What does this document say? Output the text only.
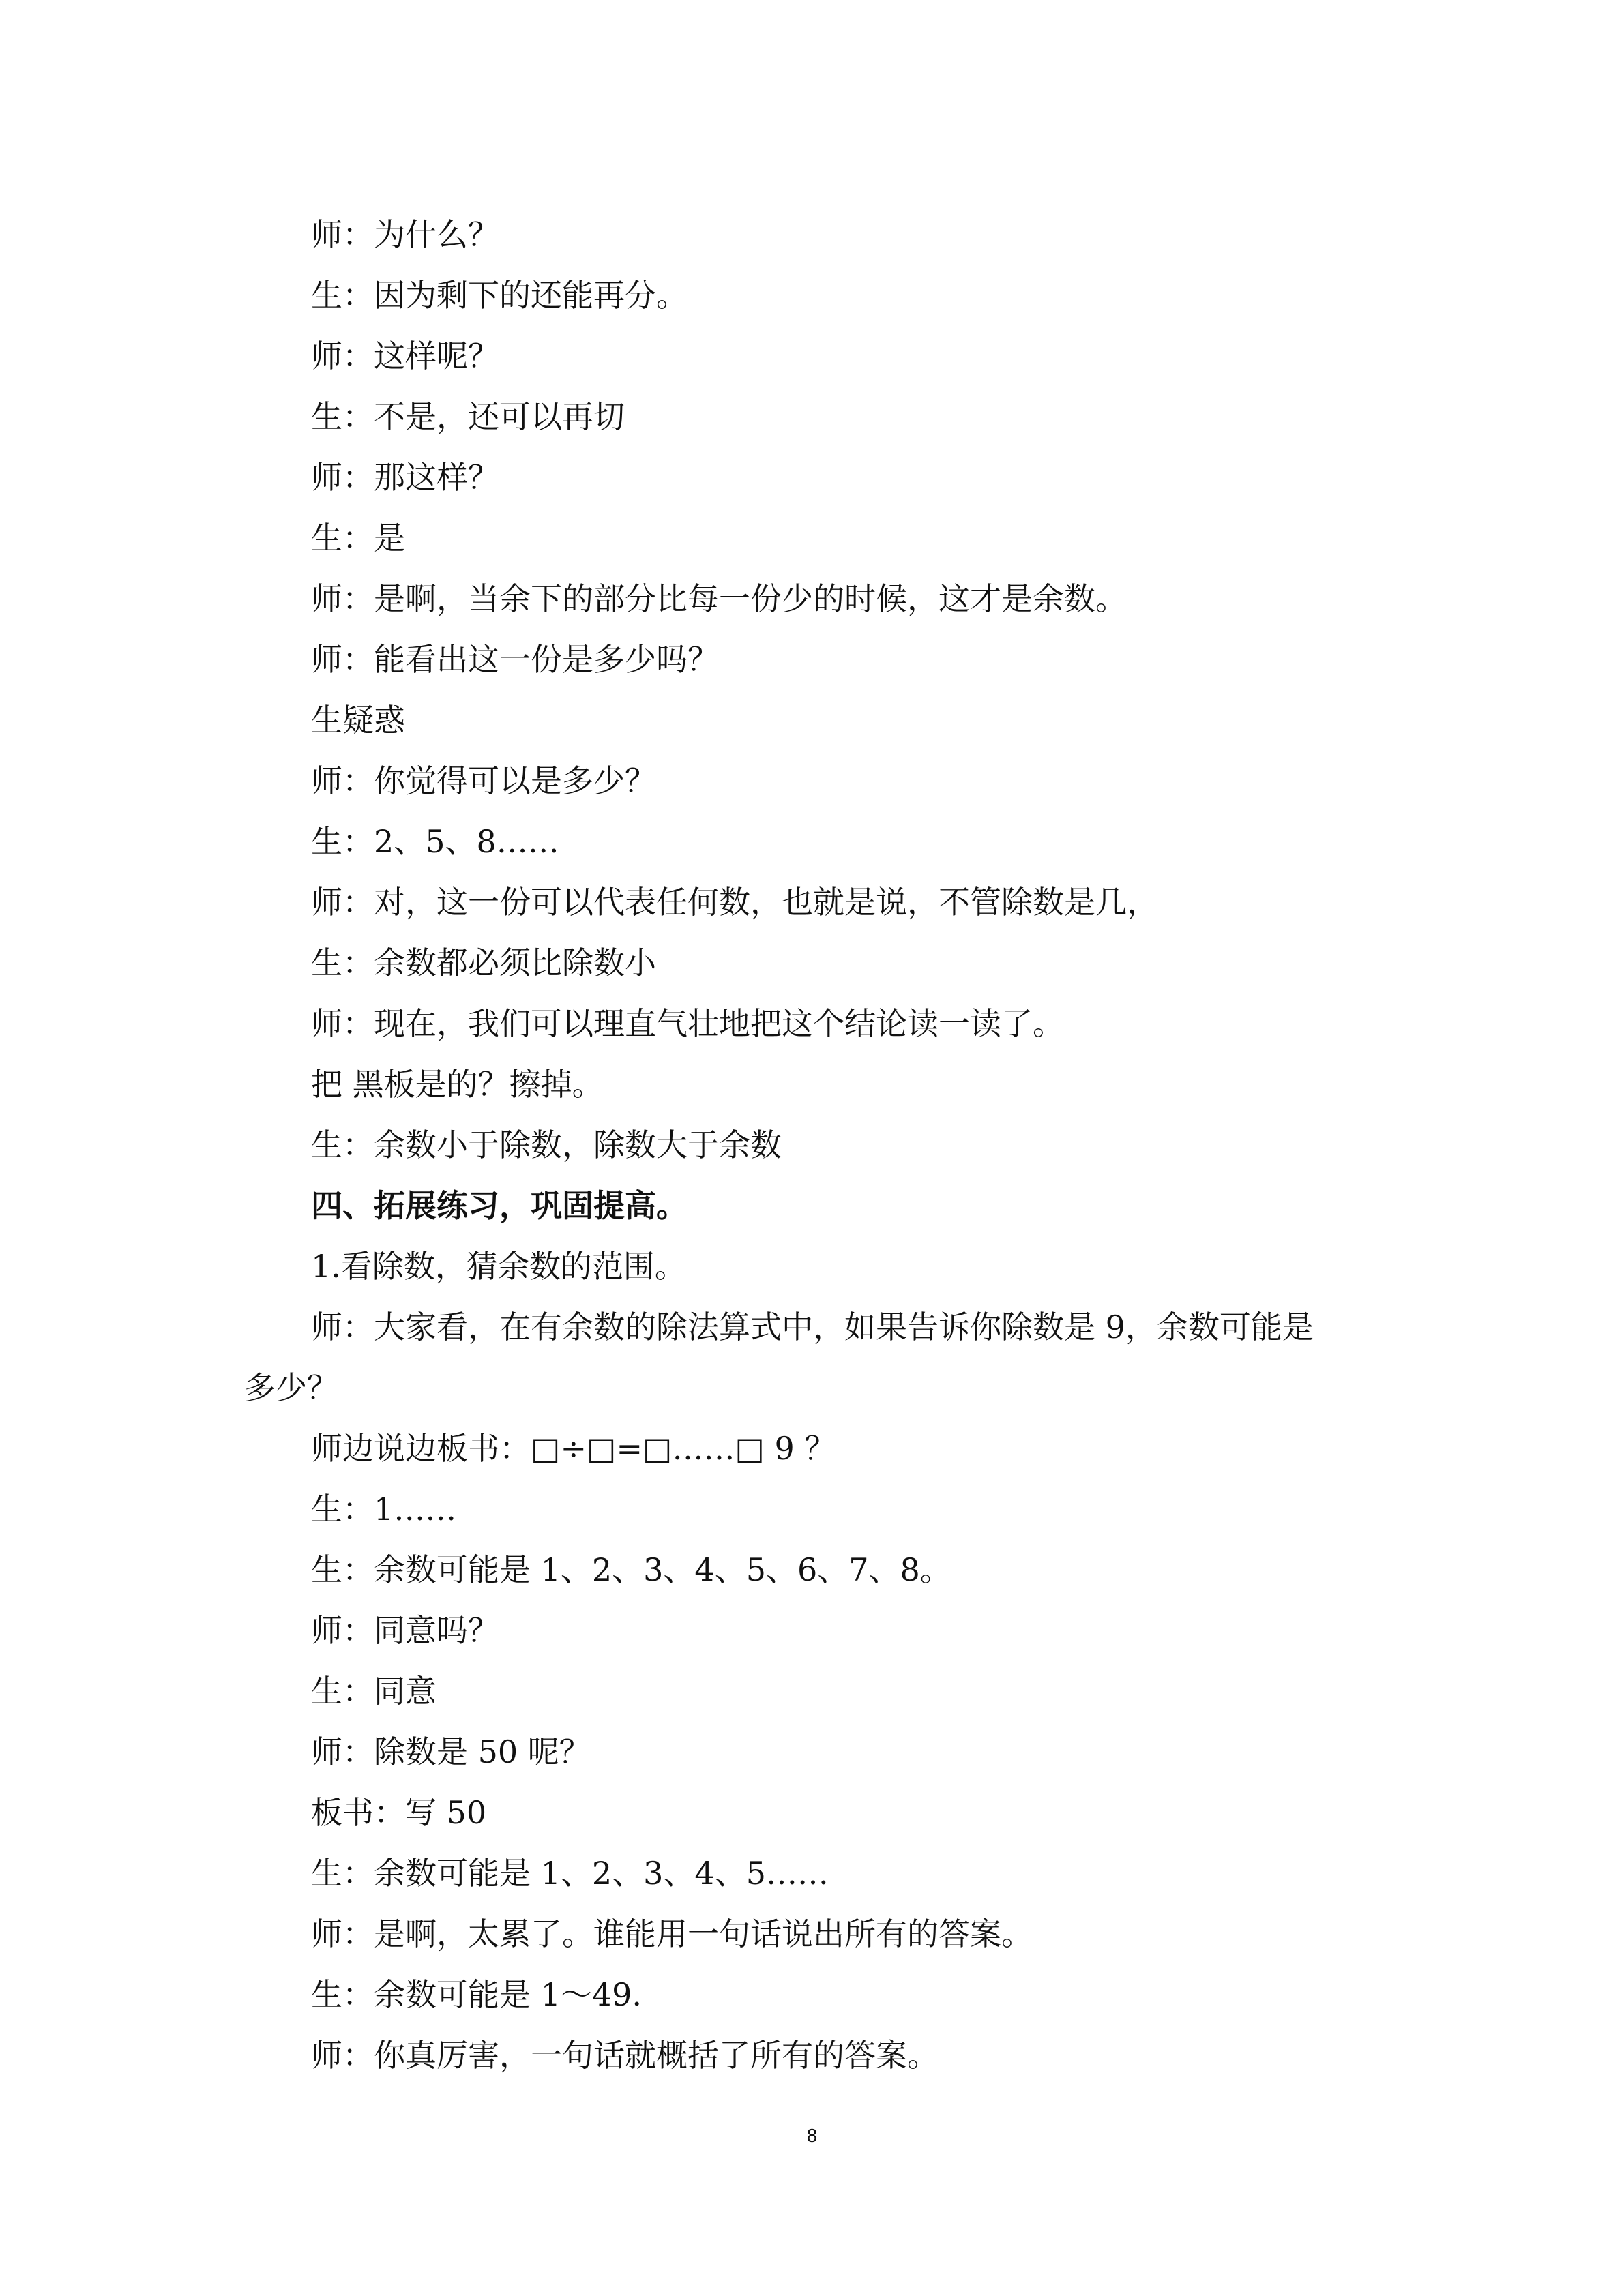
师：为什么？
生：因为剩下的还能再分。
师：这样呢？
生：不是，还可以再切
师：那这样？
生：是
师：是啊，当余下的部分比每一份少的时候，这才是余数。
师：能看出这一份是多少吗？
生疑惑
师：你觉得可以是多少？
生：2、5、8……
师：对，这一份可以代表任何数，也就是说，不管除数是几，
生：余数都必须比除数小
师：现在，我们可以理直气壮地把这个结论读一读了。
把 黑板是的？擦掉。
生：余数小于除数，除数大于余数
四、拓展练习，巩固提高。
1.看除数，猜余数的范围。
师：大家看，在有余数的除法算式中，如果告诉你除数是 9，余数可能是
多少？
师边说边板书：□÷□=□……□ 9 ？
生：1……
生：余数可能是 1、2、3、4、5、6、7、8。
师：同意吗？
生：同意
师：除数是 50 呢？
板书：写 50
生：余数可能是 1、2、3、4、5……
师：是啊，太累了。谁能用一句话说出所有的答案。
生：余数可能是 1～49.
师：你真厉害，一句话就概括了所有的答案。
8
